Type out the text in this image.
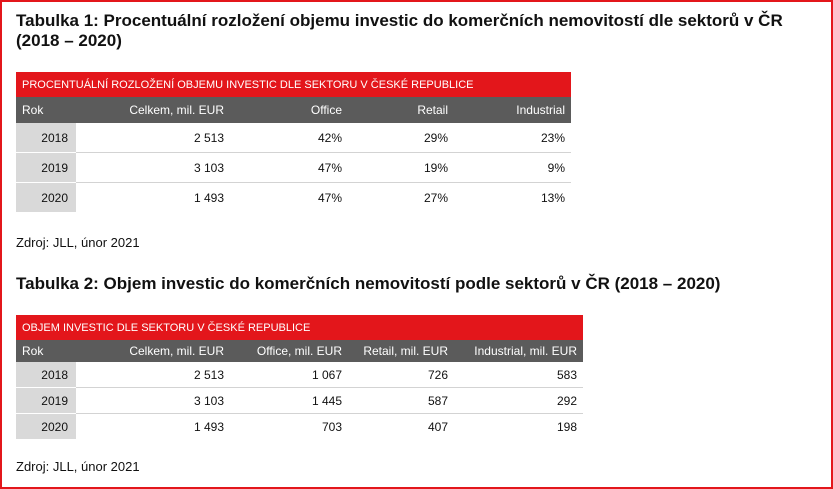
Tabulka 1: Procentuální rozložení objemu investic do komerčních nemovitostí dle sektorů v ČR (2018 – 2020)
PROCENTUÁLNÍ ROZLOŽENÍ OBJEMU INVESTIC DLE SEKTORU V ČESKÉ REPUBLICE				
Rok	Celkem, mil. EUR	Office	Retail	Industrial
2018	2 513	42%	29%	23%
2019	3 103	47%	19%	9%
2020	1 493	47%	27%	13%
Zdroj: JLL, únor 2021
Tabulka 2: Objem investic do komerčních nemovitostí podle sektorů v ČR (2018 – 2020)
OBJEM INVESTIC DLE SEKTORU V ČESKÉ REPUBLICE				
Rok	Celkem, mil. EUR	Office, mil. EUR	Retail, mil. EUR	Industrial, mil. EUR
2018	2 513	1 067	726	583
2019	3 103	1 445	587	292
2020	1 493	703	407	198
Zdroj: JLL, únor 2021
